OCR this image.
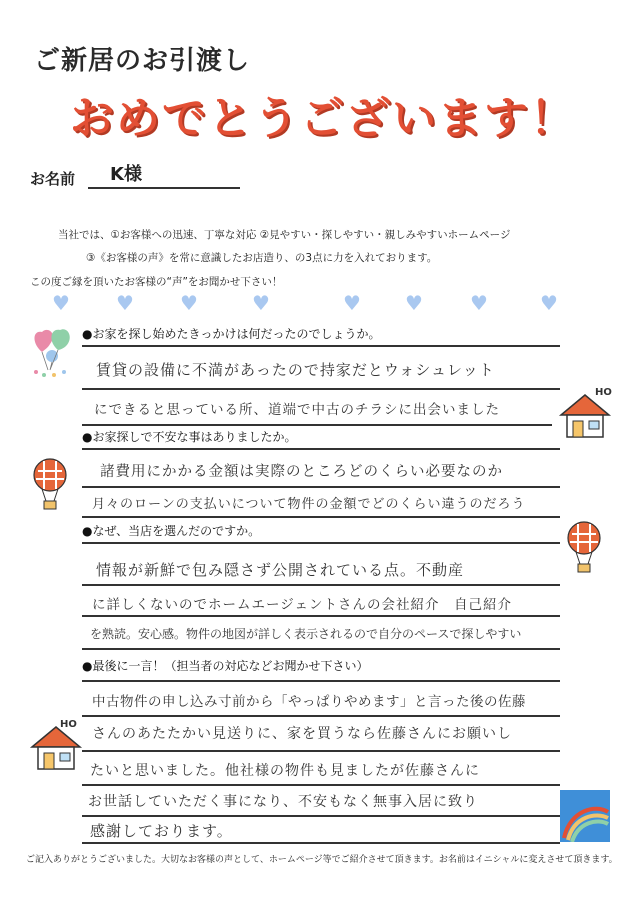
ご新居のお引渡し
おめでとうございます！
お名前 K様
当社では、①お客様への迅速、丁寧な対応 ②見やすい・探しやすい・親しみやすいホームページ
③《お客様の声》を常に意識したお店造り、の3点に力を入れております。
この度ご縁を頂いたお客様の“声”をお聞かせ下さい！
♥ ♥ ♥	♥	♥ ♥ ♥	♥
HO
HO
●お家を探し始めたきっかけは何だったのでしょうか。
賃貸の設備に不満があったので持家だとウォシュレット
にできると思っている所、道端で中古のチラシに出会いました
●お家探しで不安な事はありましたか。
諸費用にかかる金額は実際のところどのくらい必要なのか
月々のローンの支払いについて物件の金額でどのくらい違うのだろう
●なぜ、当店を選んだのですか。
情報が新鮮で包み隠さず公開されている点。不動産
に詳しくないのでホームエージェントさんの会社紹介　自己紹介
を熟読。安心感。物件の地図が詳しく表示されるので自分のペースで探しやすい
●最後に一言！（担当者の対応などお聞かせ下さい）
中古物件の申し込み寸前から「やっぱりやめます」と言った後の佐藤
さんのあたたかい見送りに、家を買うなら佐藤さんにお願いし
たいと思いました。他社様の物件も見ましたが佐藤さんに
お世話していただく事になり、不安もなく無事入居に致り
感謝しております。
ご記入ありがとうございました。大切なお客様の声として、ホームページ等でご紹介させて頂きます。お名前はイニシャルに変えさせて頂きます。
